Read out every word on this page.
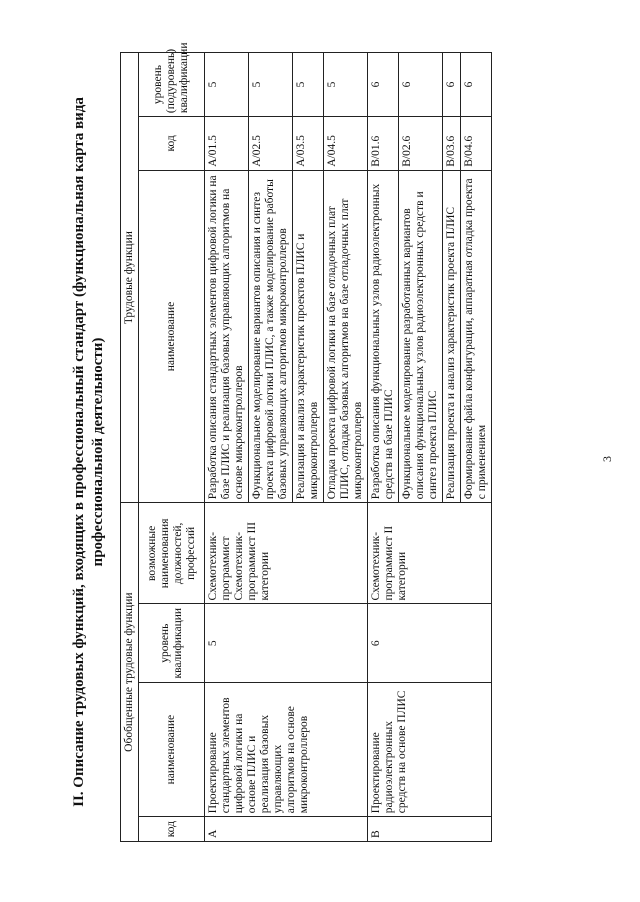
3
II. Описание трудовых функций, входящих в профессиональный стандарт (функциональная карта вида профессиональной деятельности)
Обобщенные трудовые функции				Трудовые функции		
код	наименование	уровень квалификации	возможные наименования должностей, профессий	наименование	код	уровень (подуровень) квалификации
А	Проектирование стандартных элементов цифровой логики на основе ПЛИС и реализация базовых управляющих алгоритмов на основе микроконтроллеров	5	Схемотехник-программист Схемотехник-программист III категории	Разработка описания стандартных элементов цифровой логики на базе ПЛИС и реализация базовых управляющих алгоритмов на основе микроконтроллеров	A/01.5	5
				Функциональное моделирование вариантов описания и синтез проекта цифровой логики ПЛИС, а также моделирование работы базовых управляющих алгоритмов микроконтроллеров	A/02.5	5
				Реализация и анализ характеристик проектов ПЛИС и микроконтроллеров	A/03.5	5
				Отладка проекта цифровой логики на базе отладочных плат ПЛИС, отладка базовых алгоритмов на базе отладочных плат микроконтроллеров	A/04.5	5
В	Проектирование радиоэлектронных средств на основе ПЛИС	6	Схемотехник-программист II категории	Разработка описания функциональных узлов радиоэлектронных средств на базе ПЛИС	B/01.6	6
				Функциональное моделирование разработанных вариантов описания функциональных узлов радиоэлектронных средств и синтез проекта ПЛИС	B/02.6	6
				Реализация проекта и анализ характеристик проекта ПЛИС	B/03.6	6
				Формирование файла конфигурации, аппаратная отладка проекта с применением	B/04.6	6
